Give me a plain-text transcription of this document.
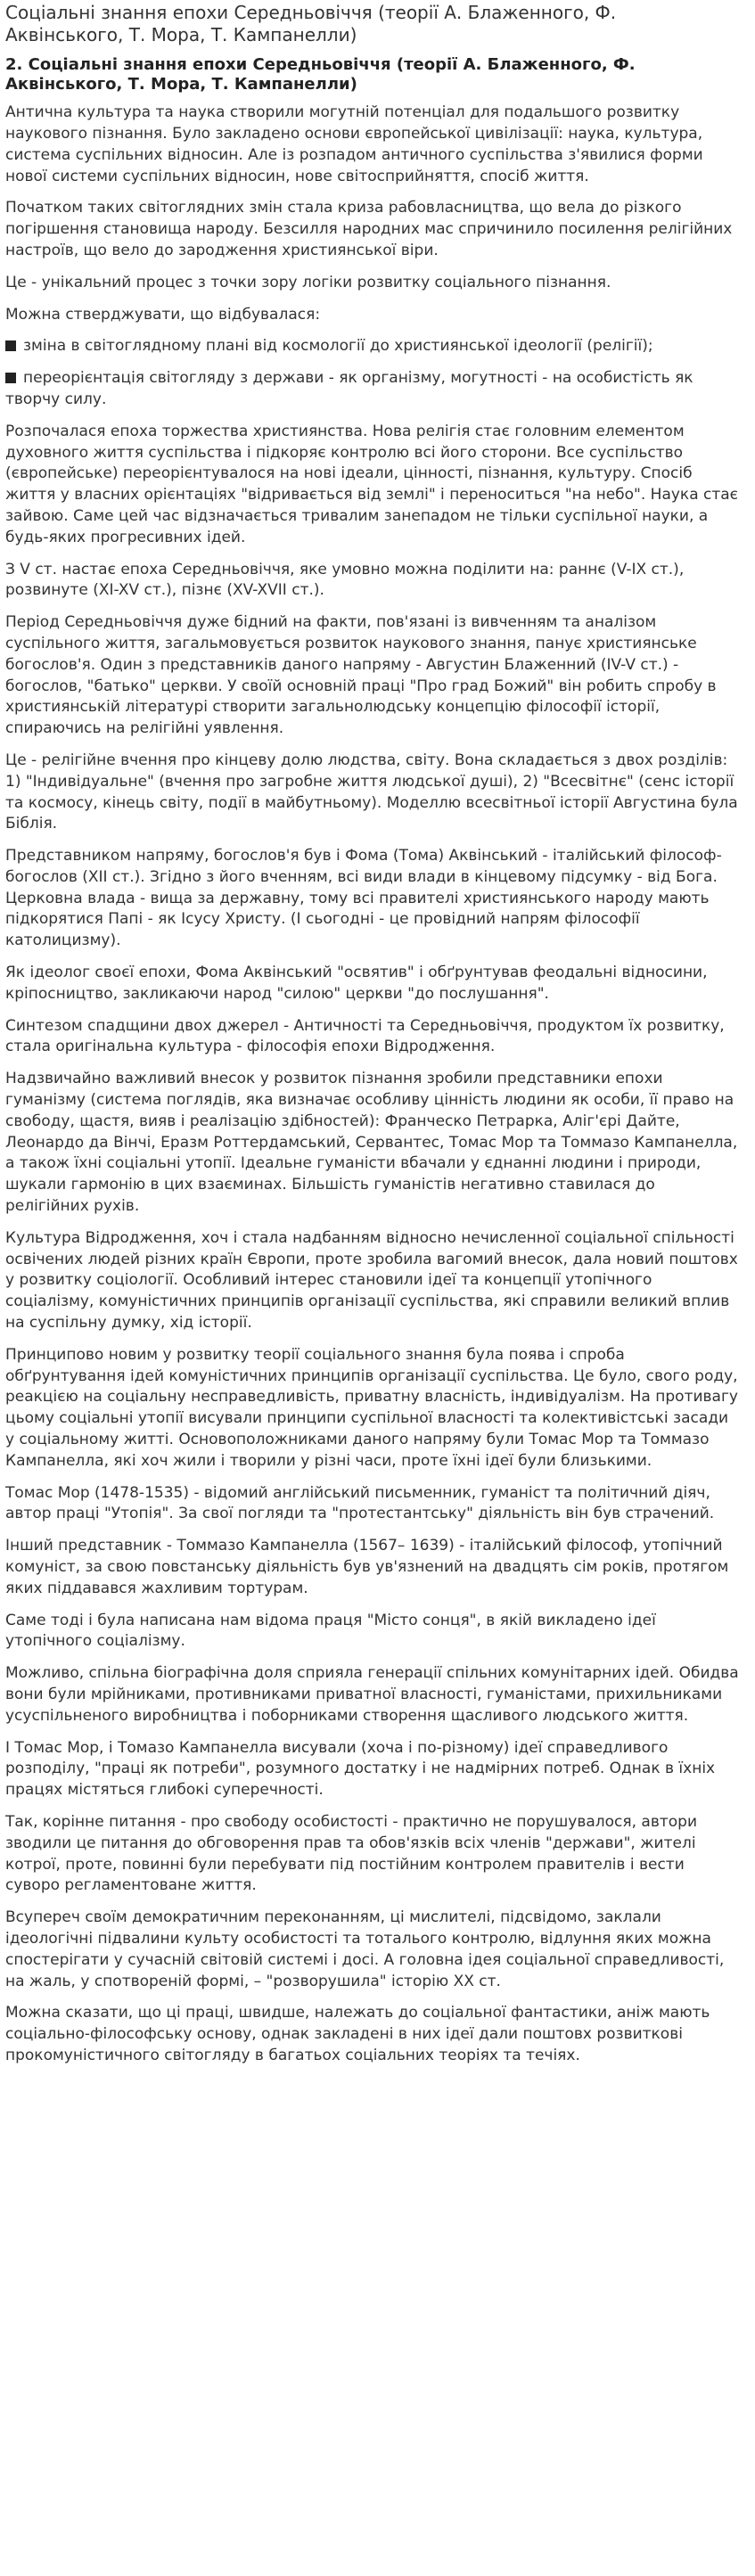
Соціальні знання епохи Середньовіччя (теорії А. Блаженного, Ф. Аквінського, Т. Мора, Т. Кампанелли)
2. Соціальні знання епохи Середньовіччя (теорії А. Блаженного, Ф. Аквінського, Т. Мора, Т. Кампанелли)

Антична культура та наука створили могутній потенціал для подальшого розвитку наукового пізнання. Було закладено основи європейської цивілізації: наука, культура, система суспільних відносин. Але із розпадом античного суспільства з'явилися форми нової системи суспільних відносин, нове світосприйняття, спосіб життя.

Початком таких світоглядних змін стала криза рабовласництва, що вела до різкого погіршення становища народу. Безсилля народних мас спричинило посилення релігійних настроїв, що вело до зародження християнської віри.

Це - унікальний процес з точки зору логіки розвитку соціального пізнання.

Можна стверджувати, що відбувалася:

зміна в світоглядному плані від космології до християнської ідеології (релігії);

переорієнтація світогляду з держави - як організму, могутності - на особистість як творчу силу.

Розпочалася епоха торжества християнства. Нова релігія стає головним елементом духовного життя суспільства і підкоряє контролю всі його сторони. Все суспільство (європейське) переорієнтувалося на нові ідеали, цінності, пізнання, культуру. Спосіб життя у власних орієнтаціях "відривається від землі" і переноситься "на небо". Наука стає зайвою. Саме цей час відзначається тривалим занепадом не тільки суспільної науки, а будь-яких прогресивних ідей.

З V ст. настає епоха Середньовіччя, яке умовно можна поділити на: раннє (V-IX ст.), розвинуте (XI-XV ст.), пізнє (XV-XVII ст.).

Період Середньовіччя дуже бідний на факти, пов'язані із вивченням та аналізом суспільного життя, загальмовується розвиток наукового знання, панує християнське богослов'я. Один з представників даного напряму - Августин Блаженний (IV-V ст.) - богослов, "батько" церкви. У своїй основній праці "Про град Божий" він робить спробу в християнській літературі створити загальнолюдську концепцію філософії історії, спираючись на релігійні уявлення.

Це - релігійне вчення про кінцеву долю людства, світу. Вона складається з двох розділів: 1) "Індивідуальне" (вчення про загробне життя людської душі), 2) "Всесвітнє" (сенс історії та космосу, кінець світу, події в майбутньому). Моделлю всесвітньої історії Августина була Біблія.

Представником напряму, богослов'я був і Фома (Тома) Аквінський - італійський філософ-богослов (XII ст.). Згідно з його вченням, всі види влади в кінцевому підсумку - від Бога. Церковна влада - вища за державну, тому всі правителі християнського народу мають підкорятися Папі - як Ісусу Христу. (І сьогодні - це провідний напрям філософії католицизму).

Як ідеолог своєї епохи, Фома Аквінський "освятив" і обґрунтував феодальні відносини, кріпосництво, закликаючи народ "силою" церкви "до послушання".

Синтезом спадщини двох джерел - Античності та Середньовіччя, продуктом їх розвитку, стала оригінальна культура - філософія епохи Відродження.

Надзвичайно важливий внесок у розвиток пізнання зробили представники епохи гуманізму (система поглядів, яка визначає особливу цінність людини як особи, її право на свободу, щастя, вияв і реалізацію здібностей): Франческо Петрарка, Аліг'єрі Дайте, Леонардо да Вінчі, Еразм Роттердамський, Сервантес, Томас Мор та Томмазо Кампанелла, а також їхні соціальні утопії. Ідеальне гуманісти вбачали у єднанні людини і природи, шукали гармонію в цих взаєминах. Більшість гуманістів негативно ставилася до релігійних рухів.

Культура Відродження, хоч і стала надбанням відносно нечисленної соціальної спільності освічених людей різних країн Європи, проте зробила вагомий внесок, дала новий поштовх у розвитку соціології. Особливий інтерес становили ідеї та концепції утопічного соціалізму, комуністичних принципів організації суспільства, які справили великий вплив на суспільну думку, хід історії.

Принципово новим у розвитку теорії соціального знання була поява і спроба обґрунтування ідей комуністичних принципів організації суспільства. Це було, свого роду, реакцією на соціальну несправедливість, приватну власність, індивідуалізм. На противагу цьому соціальні утопії висували принципи суспільної власності та колективістські засади у соціальному житті. Основоположниками даного напряму були Томас Мор та Томмазо Кампанелла, які хоч жили і творили у різні часи, проте їхні ідеї були близькими.

Томас Мор (1478-1535) - відомий англійський письменник, гуманіст та політичний діяч, автор праці "Утопія". За свої погляди та "протестантську" діяльність він був страчений.

Інший представник - Томмазо Кампанелла (1567– 1639) - італійський філософ, утопічний комуніст, за свою повстанську діяльність був ув'язнений на двадцять сім років, протягом яких піддавався жахливим тортурам.

Саме тоді і була написана нам відома праця "Місто сонця", в якій викладено ідеї утопічного соціалізму.

Можливо, спільна біографічна доля сприяла генерації спільних комунітарних ідей. Обидва вони були мрійниками, противниками приватної власності, гуманістами, прихильниками усуспільненого виробництва і поборниками створення щасливого людського життя.

І Томас Мор, і Томазо Кампанелла висували (хоча і по-різному) ідеї справедливого розподілу, "праці як потреби", розумного достатку і не надмірних потреб. Однак в їхніх працях містяться глибокі суперечності.

Так, корінне питання - про свободу особистості - практично не порушувалося, автори зводили це питання до обговорення прав та обов'язків всіх членів "держави", жителі котрої, проте, повинні були перебувати під постійним контролем правителів і вести суворо регламентоване життя.

Всупереч своїм демократичним переконанням, ці мислителі, підсвідомо, заклали ідеологічні підвалини культу особистості та тоталього контролю, відлуння яких можна спостерігати у сучасній світовій системі і досі. А головна ідея соціальної справедливості, на жаль, у спотвореній формі, – "розворушила" історію XX ст.

Можна сказати, що ці праці, швидше, належать до соціальної фантастики, аніж мають соціально-філософську основу, однак закладені в них ідеї дали поштовх розвиткові прокомуністичного світогляду в багатьох соціальних теоріях та течіях.
